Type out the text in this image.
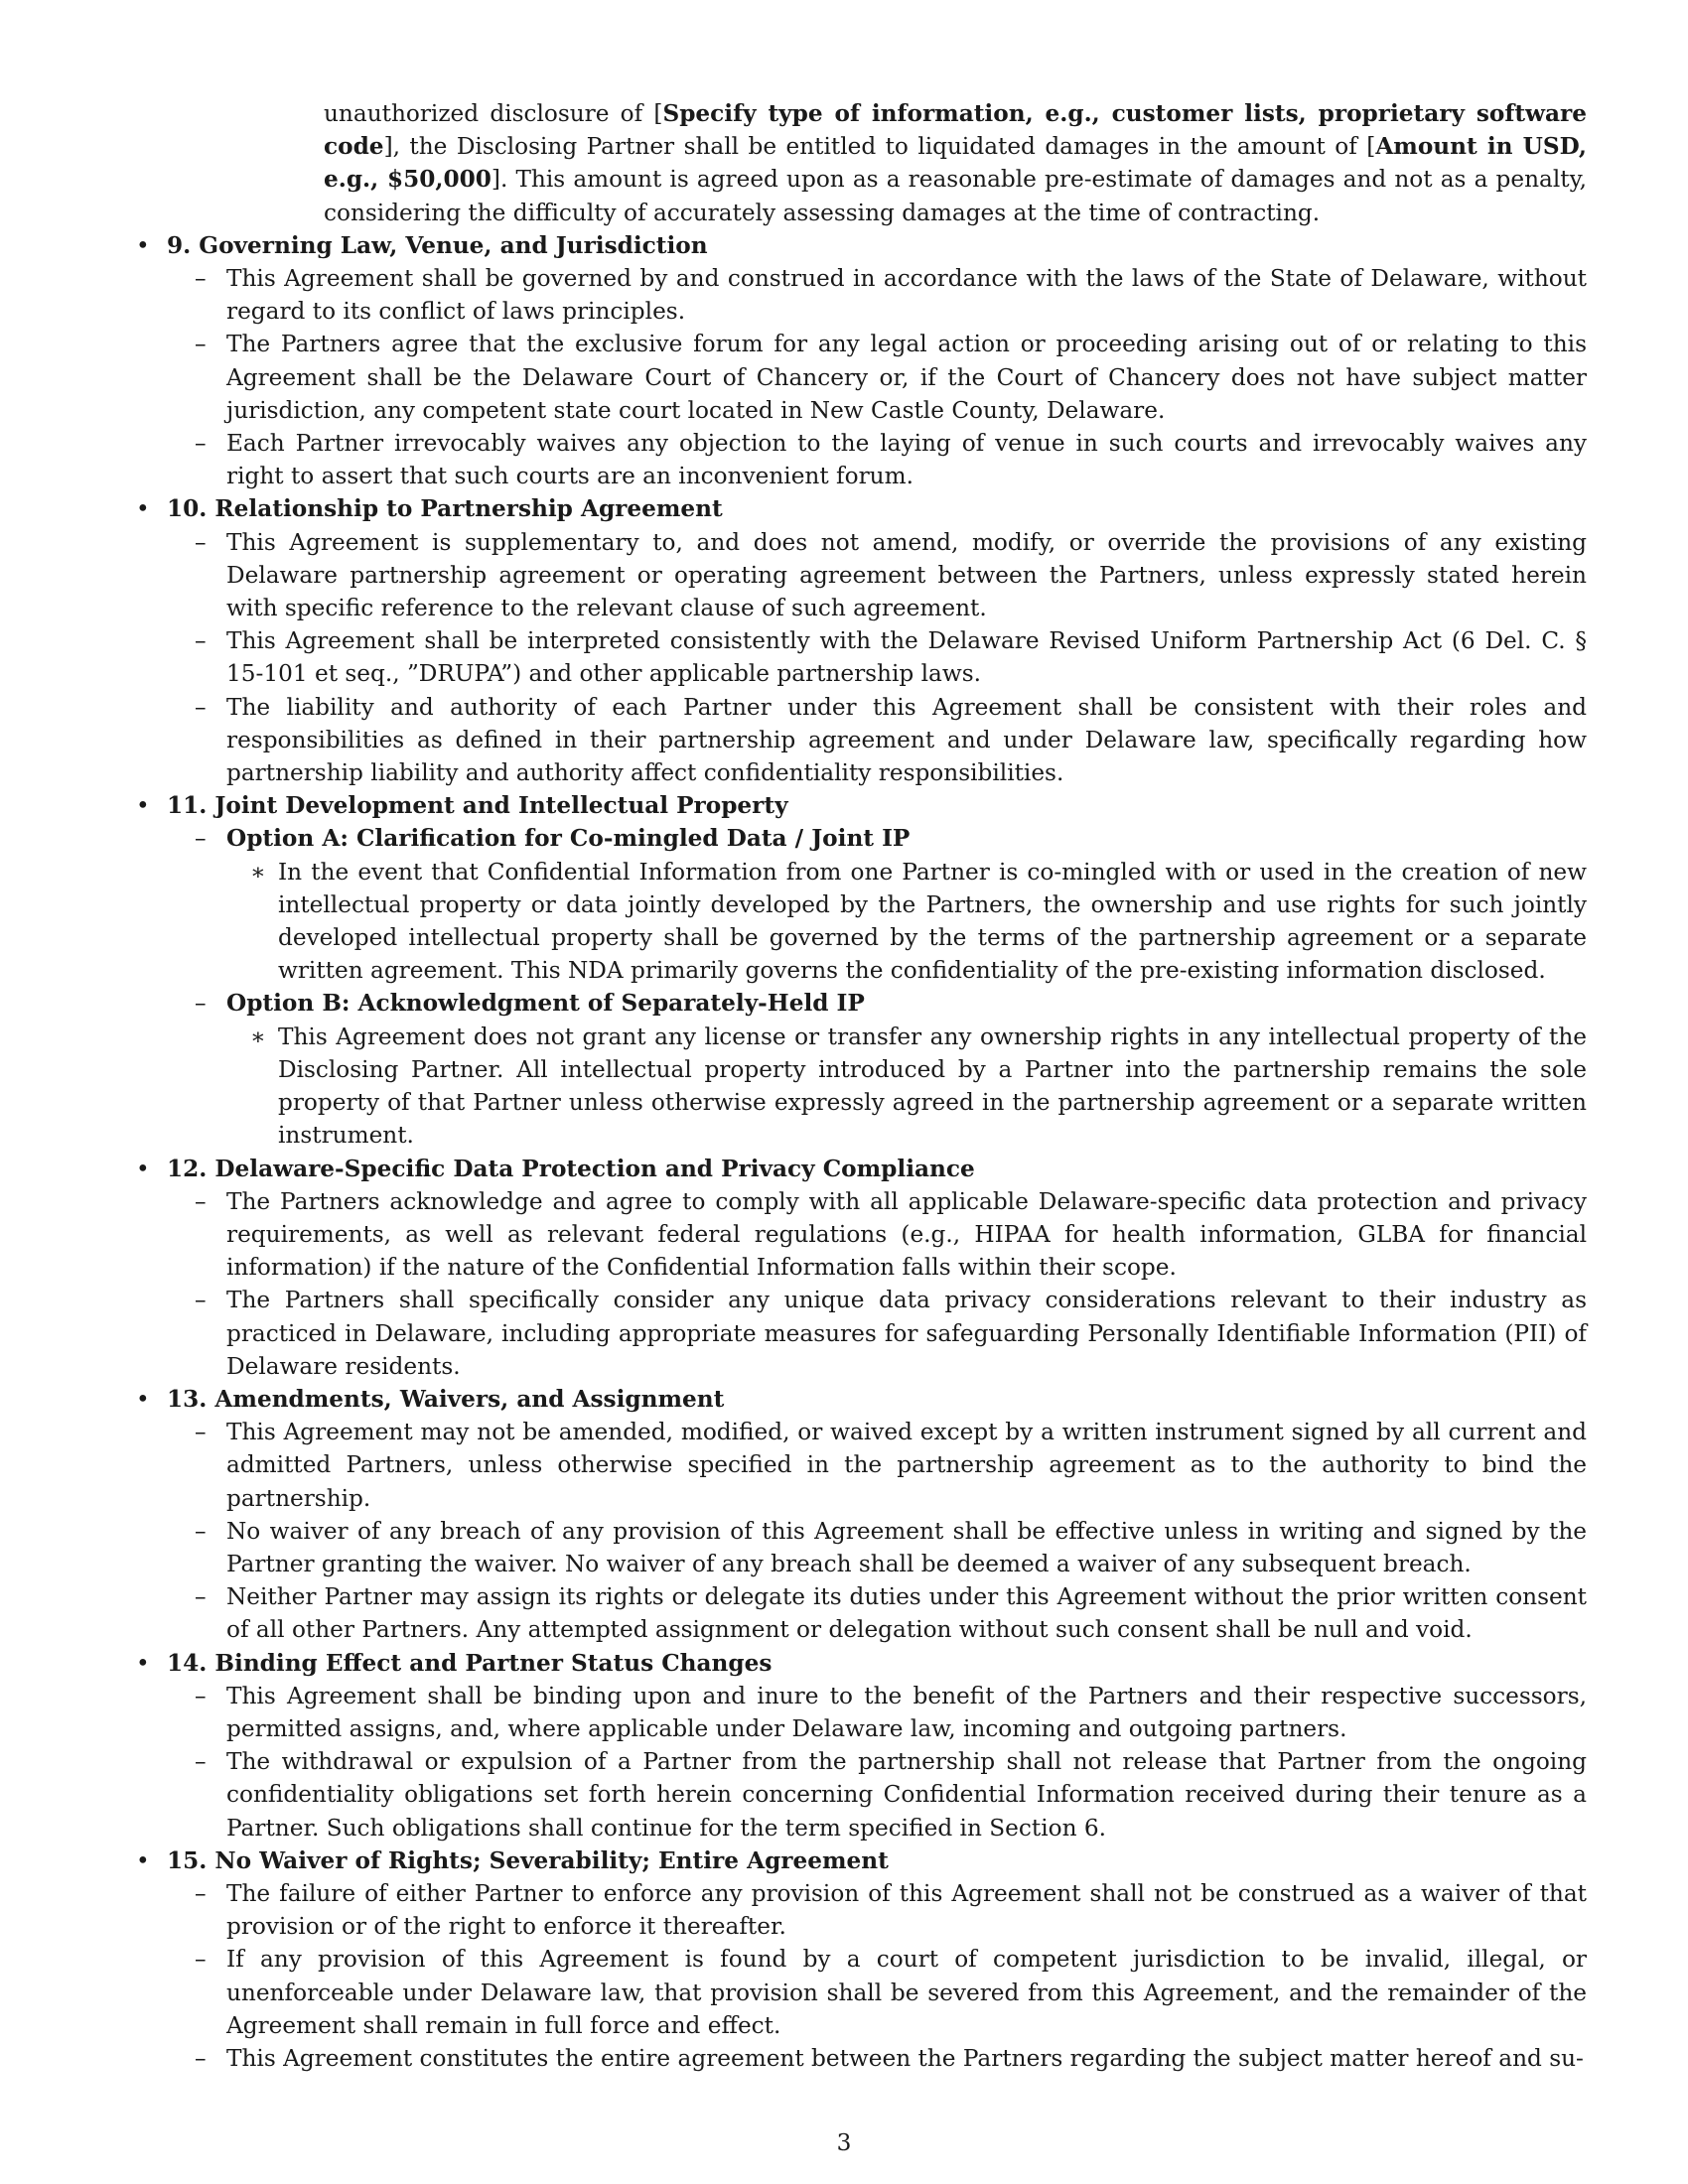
unauthorized disclosure of [Specify type of information, e.g., customer lists, proprietary software code], the Disclosing Partner shall be entitled to liquidated damages in the amount of [Amount in USD, e.g., $50,000]. This amount is agreed upon as a reasonable pre-estimate of damages and not as a penalty, considering the difficulty of accurately assessing damages at the time of contracting.
• 9. Governing Law, Venue, and Jurisdiction
– This Agreement shall be governed by and construed in accordance with the laws of the State of Delaware, without regard to its conflict of laws principles.
– The Partners agree that the exclusive forum for any legal action or proceeding arising out of or relating to this Agreement shall be the Delaware Court of Chancery or, if the Court of Chancery does not have subject matter jurisdiction, any competent state court located in New Castle County, Delaware.
– Each Partner irrevocably waives any objection to the laying of venue in such courts and irrevocably waives any right to assert that such courts are an inconvenient forum.
• 10. Relationship to Partnership Agreement
– This Agreement is supplementary to, and does not amend, modify, or override the provisions of any existing Delaware partnership agreement or operating agreement between the Partners, unless expressly stated herein with specific reference to the relevant clause of such agreement.
– This Agreement shall be interpreted consistently with the Delaware Revised Uniform Partnership Act (6 Del. C. § 15-101 et seq., ”DRUPA”) and other applicable partnership laws.
– The liability and authority of each Partner under this Agreement shall be consistent with their roles and responsibilities as defined in their partnership agreement and under Delaware law, specifically regarding how partnership liability and authority affect confidentiality responsibilities.
• 11. Joint Development and Intellectual Property
– Option A: Clarification for Co-mingled Data / Joint IP
∗ In the event that Confidential Information from one Partner is co-mingled with or used in the creation of new intellectual property or data jointly developed by the Partners, the ownership and use rights for such jointly developed intellectual property shall be governed by the terms of the partnership agreement or a separate written agreement. This NDA primarily governs the confidentiality of the pre-existing information disclosed.
– Option B: Acknowledgment of Separately-Held IP
∗ This Agreement does not grant any license or transfer any ownership rights in any intellectual property of the Disclosing Partner. All intellectual property introduced by a Partner into the partnership remains the sole property of that Partner unless otherwise expressly agreed in the partnership agreement or a separate written instrument.
• 12. Delaware-Specific Data Protection and Privacy Compliance
– The Partners acknowledge and agree to comply with all applicable Delaware-specific data protection and privacy requirements, as well as relevant federal regulations (e.g., HIPAA for health information, GLBA for financial information) if the nature of the Confidential Information falls within their scope.
– The Partners shall specifically consider any unique data privacy considerations relevant to their industry as practiced in Delaware, including appropriate measures for safeguarding Personally Identifiable Information (PII) of Delaware residents.
• 13. Amendments, Waivers, and Assignment
– This Agreement may not be amended, modified, or waived except by a written instrument signed by all current and admitted Partners, unless otherwise specified in the partnership agreement as to the authority to bind the partnership.
– No waiver of any breach of any provision of this Agreement shall be effective unless in writing and signed by the Partner granting the waiver. No waiver of any breach shall be deemed a waiver of any subsequent breach.
– Neither Partner may assign its rights or delegate its duties under this Agreement without the prior written consent of all other Partners. Any attempted assignment or delegation without such consent shall be null and void.
• 14. Binding Effect and Partner Status Changes
– This Agreement shall be binding upon and inure to the benefit of the Partners and their respective successors, permitted assigns, and, where applicable under Delaware law, incoming and outgoing partners.
– The withdrawal or expulsion of a Partner from the partnership shall not release that Partner from the ongoing confidentiality obligations set forth herein concerning Confidential Information received during their tenure as a Partner. Such obligations shall continue for the term specified in Section 6.
• 15. No Waiver of Rights; Severability; Entire Agreement
– The failure of either Partner to enforce any provision of this Agreement shall not be construed as a waiver of that provision or of the right to enforce it thereafter.
– If any provision of this Agreement is found by a court of competent jurisdiction to be invalid, illegal, or unenforceable under Delaware law, that provision shall be severed from this Agreement, and the remainder of the Agreement shall remain in full force and effect.
– This Agreement constitutes the entire agreement between the Partners regarding the subject matter hereof and su-
3
